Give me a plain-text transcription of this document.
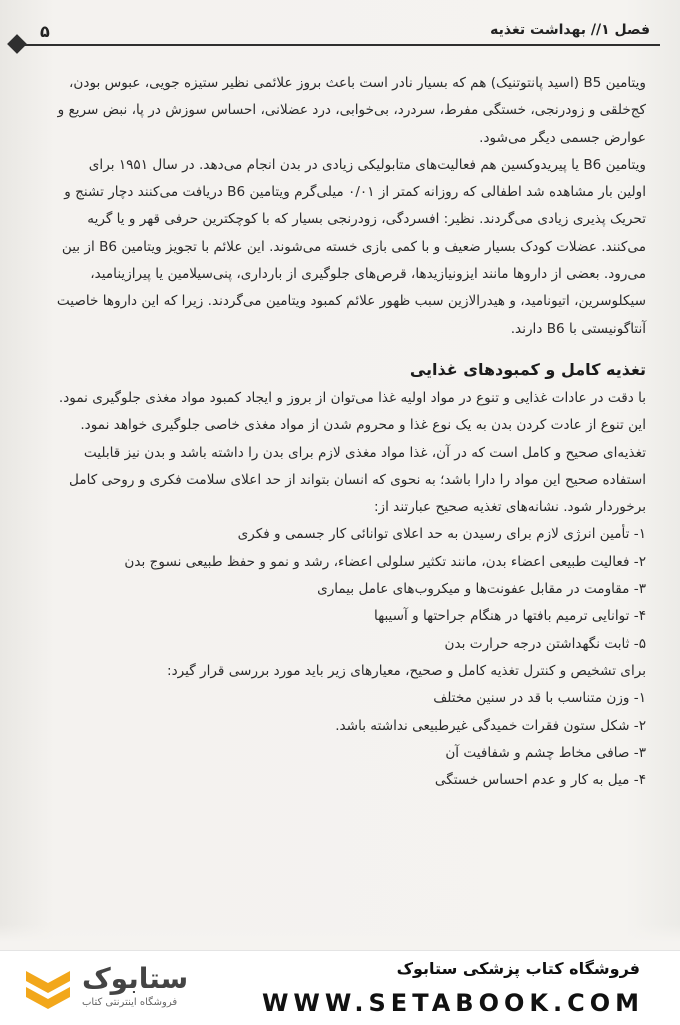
۵	فصل ۱// بهداشت تغذیه

ویتامین B5 (اسید پانتوتنیک) هم که بسیار نادر است باعث بروز علائمی نظیر ستیزه جویی، عبوس بودن،

کج‌خلقی و زودرنجی، خستگی مفرط، سردرد، بی‌خوابی، درد عضلانی، احساس سوزش در پا، نبض سریع و

عوارض جسمی دیگر می‌شود.

ویتامین B6 یا پیریدوکسین هم فعالیت‌های متابولیکی زیادی در بدن انجام می‌دهد. در سال ۱۹۵۱ برای

اولین بار مشاهده شد اطفالی که روزانه کمتر از ۰/۰۱ میلی‌گرم ویتامین B6 دریافت می‌کنند دچار تشنج و

تحریک پذیری زیادی می‌گردند. نظیر: افسردگی، زودرنجی بسیار که با کوچکترین حرفی قهر و یا گریه

می‌کنند. عضلات کودک بسیار ضعیف و با کمی بازی خسته می‌شوند. این علائم با تجویز ویتامین B6 از بین

می‌رود. بعضی از داروها مانند ایزونیازیدها، قرص‌های جلوگیری از بارداری، پنی‌سیلامین یا پیرازینامید،

سیکلوسرین، اتیونامید، و هیدرالازین سبب ظهور علائم کمبود ویتامین می‌گردند. زیرا که این داروها خاصیت

آنتاگونیستی با B6 دارند.

تغذیه کامل و کمبودهای غذایی

با دقت در عادات غذایی و تنوع در مواد اولیه غذا می‌توان از بروز و ایجاد کمبود مواد مغذی جلوگیری نمود.

این تنوع از عادت کردن بدن به یک نوع غذا و محروم شدن از مواد مغذی خاصی جلوگیری خواهد نمود.

تغذیه‌ای صحیح و کامل است که در آن، غذا مواد مغذی لازم برای بدن را داشته باشد و بدن نیز قابلیت

استفاده صحیح این مواد را دارا باشد؛ به نحوی که انسان بتواند از حد اعلای سلامت فکری و روحی کامل

برخوردار شود. نشانه‌های تغذیه صحیح عبارتند از:

۱- تأمین انرژی لازم برای رسیدن به حد اعلای توانائی کار جسمی و فکری

۲- فعالیت طبیعی اعضاء بدن، مانند تکثیر سلولی اعضاء، رشد و نمو و حفظ طبیعی نسوج بدن

۳- مقاومت در مقابل عفونت‌ها و میکروب‌های عامل بیماری

۴- توانایی ترمیم بافتها در هنگام جراحتها و آسیبها

۵- ثابت نگهداشتن درجه حرارت بدن

برای تشخیص و کنترل تغذیه کامل و صحیح، معیارهای زیر باید مورد بررسی قرار گیرد:

۱- وزن متناسب با قد در سنین مختلف

۲- شکل ستون فقرات خمیدگی غیرطبیعی نداشته باشد.

۳- صافی مخاط چشم و شفافیت آن

۴- میل به کار و عدم احساس خستگی

ستابوک
فروشگاه اینترنتی کتاب
فروشگاه کتاب پزشکی ستابوک
WWW.SETABOOK.COM
